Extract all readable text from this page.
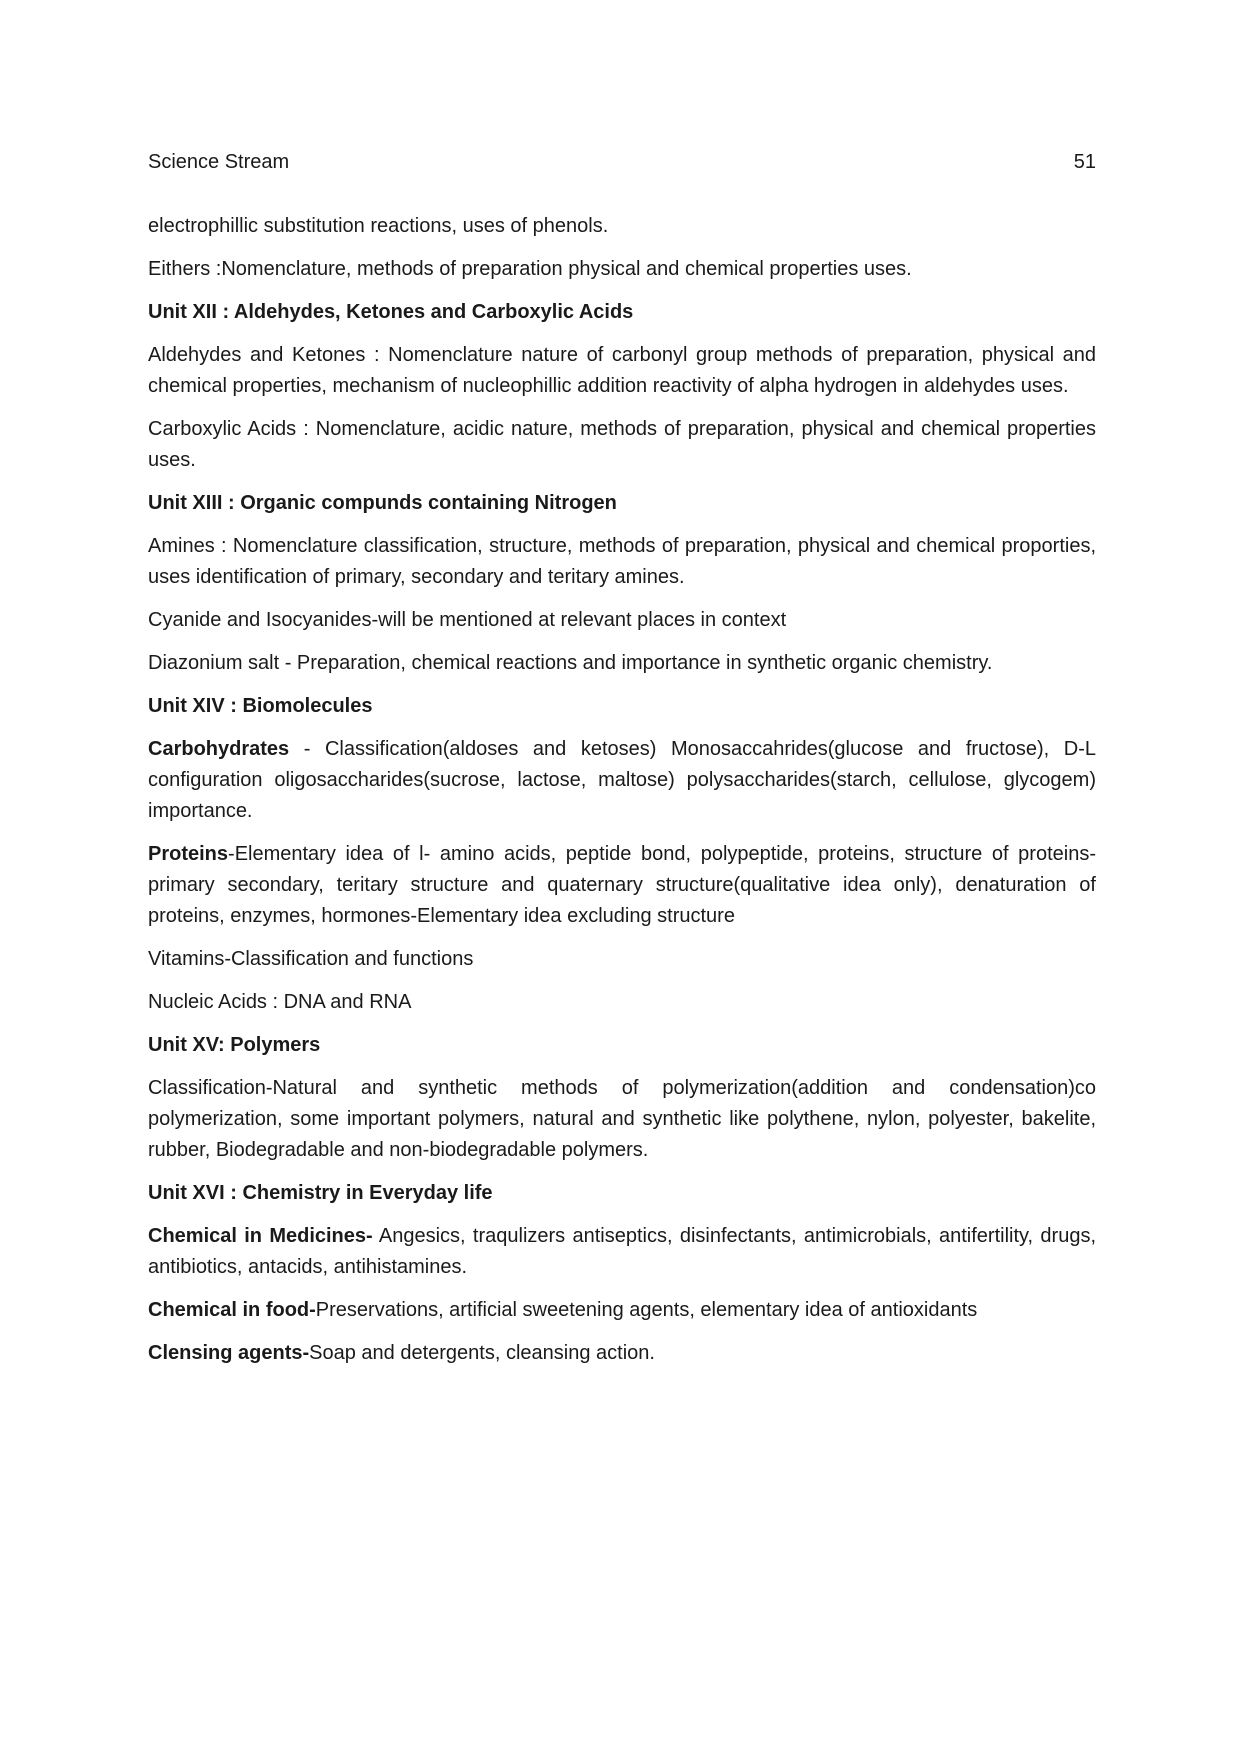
Science Stream	51

electrophillic substitution reactions, uses of phenols.

Eithers :Nomenclature, methods of preparation physical and chemical properties uses.

Unit XII : Aldehydes, Ketones and Carboxylic Acids

Aldehydes and Ketones : Nomenclature nature of carbonyl group methods of preparation, physical and chemical properties, mechanism of nucleophillic addition reactivity of alpha hydrogen in aldehydes uses.

Carboxylic Acids : Nomenclature, acidic nature, methods of preparation, physical and chemical properties uses.

Unit XIII : Organic compunds containing Nitrogen

Amines : Nomenclature classification, structure, methods of preparation, physical and chemical proporties, uses identification of primary, secondary and teritary amines.

Cyanide and Isocyanides-will be mentioned at relevant places in context

Diazonium salt - Preparation, chemical reactions and importance in synthetic organic chemistry.

Unit XIV : Biomolecules

Carbohydrates - Classification(aldoses and ketoses) Monosaccahrides(glucose and fructose), D-L configuration oligosaccharides(sucrose, lactose, maltose) polysaccharides(starch, cellulose, glycogem) importance.

Proteins-Elementary idea of l- amino acids, peptide bond, polypeptide, proteins, structure of proteins-primary secondary, teritary structure and quaternary structure(qualitative idea only), denaturation of proteins, enzymes, hormones-Elementary idea excluding structure

Vitamins-Classification and functions

Nucleic Acids : DNA and RNA

Unit XV: Polymers

Classification-Natural and synthetic methods of polymerization(addition and condensation)co polymerization, some important polymers, natural and synthetic like polythene, nylon, polyester, bakelite, rubber, Biodegradable and non-biodegradable polymers.

Unit XVI : Chemistry in Everyday life

Chemical in Medicines- Angesics, traqulizers antiseptics, disinfectants, antimicrobials, antifertility, drugs, antibiotics, antacids, antihistamines.

Chemical in food-Preservations, artificial sweetening agents, elementary idea of antioxidants

Clensing agents-Soap and detergents, cleansing action.
